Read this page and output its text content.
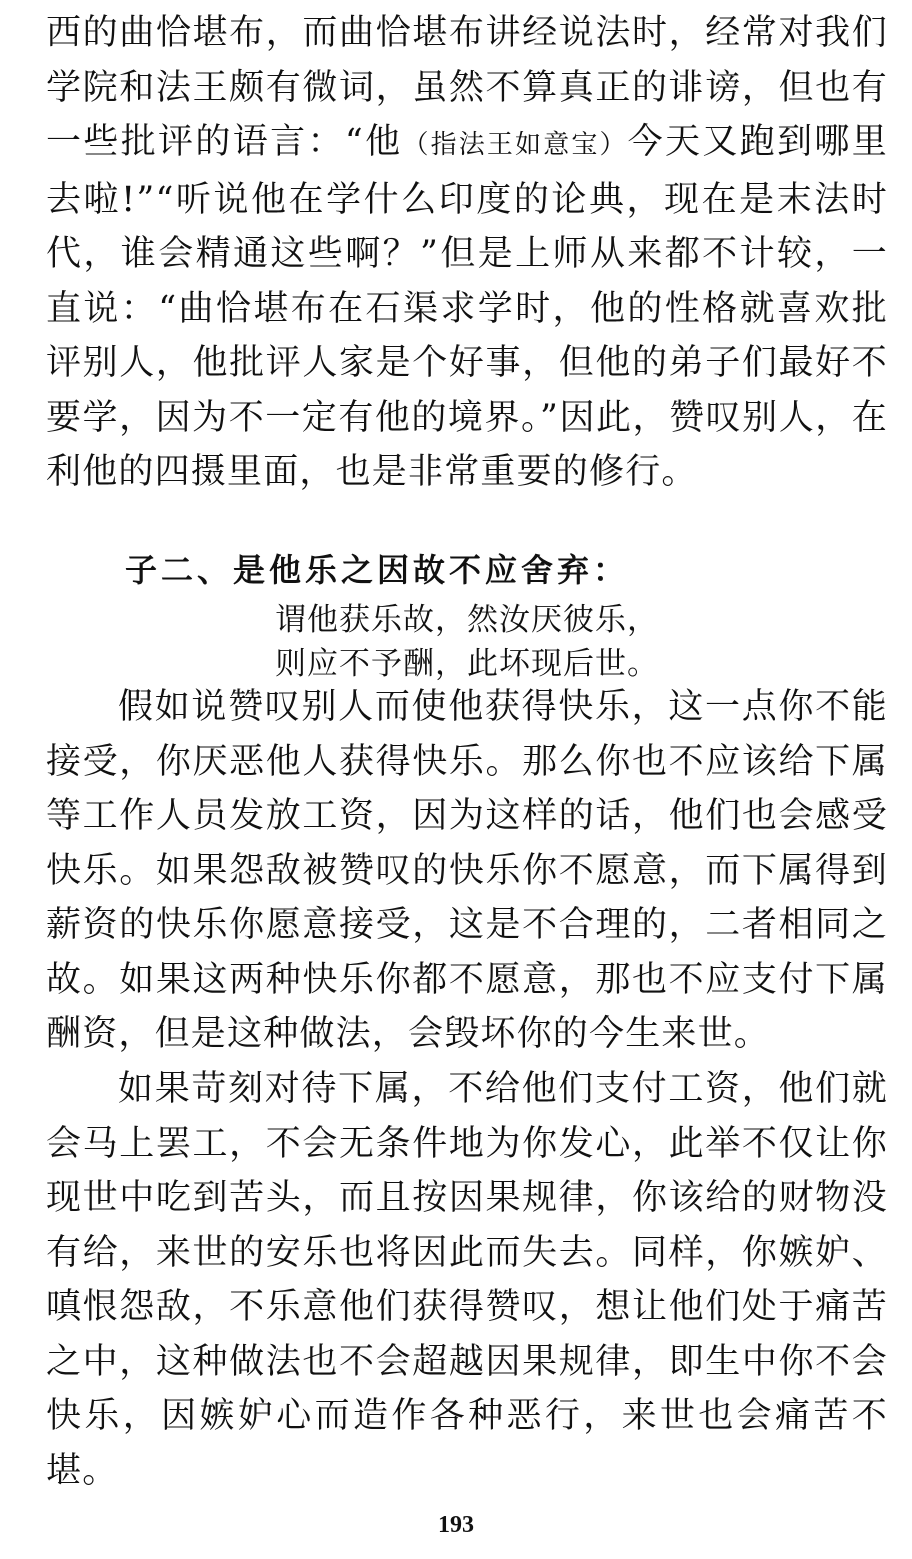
西的曲恰堪布，而曲恰堪布讲经说法时，经常对我们学院和法王颇有微词，虽然不算真正的诽谤，但也有一些批评的语言：“他（指法王如意宝）今天又跑到哪里去啦!”“听说他在学什么印度的论典，现在是末法时代，谁会精通这些啊？”但是上师从来都不计较，一直说：“曲恰堪布在石渠求学时，他的性格就喜欢批评别人，他批评人家是个好事，但他的弟子们最好不要学，因为不一定有他的境界。”因此，赞叹别人，在利他的四摄里面，也是非常重要的修行。

子二、是他乐之因故不应舍弃：
谓他获乐故，然汝厌彼乐，
则应不予酬，此坏现后世。

假如说赞叹别人而使他获得快乐，这一点你不能接受，你厌恶他人获得快乐。那么你也不应该给下属等工作人员发放工资，因为这样的话，他们也会感受快乐。如果怨敌被赞叹的快乐你不愿意，而下属得到薪资的快乐你愿意接受，这是不合理的，二者相同之故。如果这两种快乐你都不愿意，那也不应支付下属酬资，但是这种做法，会毁坏你的今生来世。

如果苛刻对待下属，不给他们支付工资，他们就会马上罢工，不会无条件地为你发心，此举不仅让你现世中吃到苦头，而且按因果规律，你该给的财物没有给，来世的安乐也将因此而失去。同样，你嫉妒、嗔恨怨敌，不乐意他们获得赞叹，想让他们处于痛苦之中，这种做法也不会超越因果规律，即生中你不会快乐，因嫉妒心而造作各种恶行，来世也会痛苦不堪。

193
